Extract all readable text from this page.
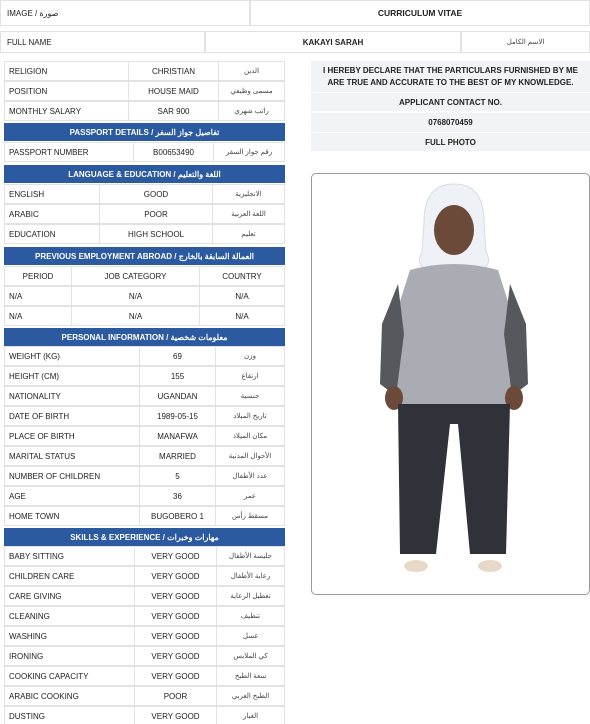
IMAGE / صورة	CURRICULUM VITAE
FULL NAME	KAKAYI SARAH	الاسم الكامل
RELIGION	CHRISTIAN	الدين
POSITION	HOUSE MAID	مسمى وظيفي
MONTHLY SALARY	SAR 900	راتب شهري
PASSPORT DETAILS / تفاصيل جواز السفر
PASSPORT NUMBER	B00653490	رقم جواز السفر
LANGUAGE & EDUCATION / اللغة والتعليم
ENGLISH	GOOD	الانجليزية
ARABIC	POOR	اللغة العربية
EDUCATION	HIGH SCHOOL	تعليم
PREVIOUS EMPLOYMENT ABROAD / العمالة السابقة بالخارج
PERIOD	JOB CATEGORY	COUNTRY
N/A	N/A	N/A
N/A	N/A	N/A
PERSONAL INFORMATION / معلومات شخصية
WEIGHT (KG)	69	وزن
HEIGHT (CM)	155	ارتفاع
NATIONALITY	UGANDAN	جنسية
DATE OF BIRTH	1989-05-15	تاريخ الميلاد
PLACE OF BIRTH	MANAFWA	مكان الميلاد
MARITAL STATUS	MARRIED	الأحوال المدنية
NUMBER OF CHILDREN	5	عدد الأطفال
AGE	36	عمر
HOME TOWN	BUGOBERO 1	مسقط رأس
SKILLS & EXPERIENCE / مهارات وخبرات
BABY SITTING	VERY GOOD	جليسة الأطفال
CHILDREN CARE	VERY GOOD	رعاية الأطفال
CARE GIVING	VERY GOOD	تعطيل الرعاية
CLEANING	VERY GOOD	تنظيف
WASHING	VERY GOOD	غسل
IRONING	VERY GOOD	كي الملابس
COOKING CAPACITY	VERY GOOD	سعة الطبخ
ARABIC COOKING	POOR	الطبخ العربي
DUSTING	VERY GOOD	الغبار
I HEREBY DECLARE THAT THE PARTICULARS FURNISHED BY ME ARE TRUE AND ACCURATE TO THE BEST OF MY KNOWLEDGE.
APPLICANT CONTACT NO.
0768070459
FULL PHOTO
